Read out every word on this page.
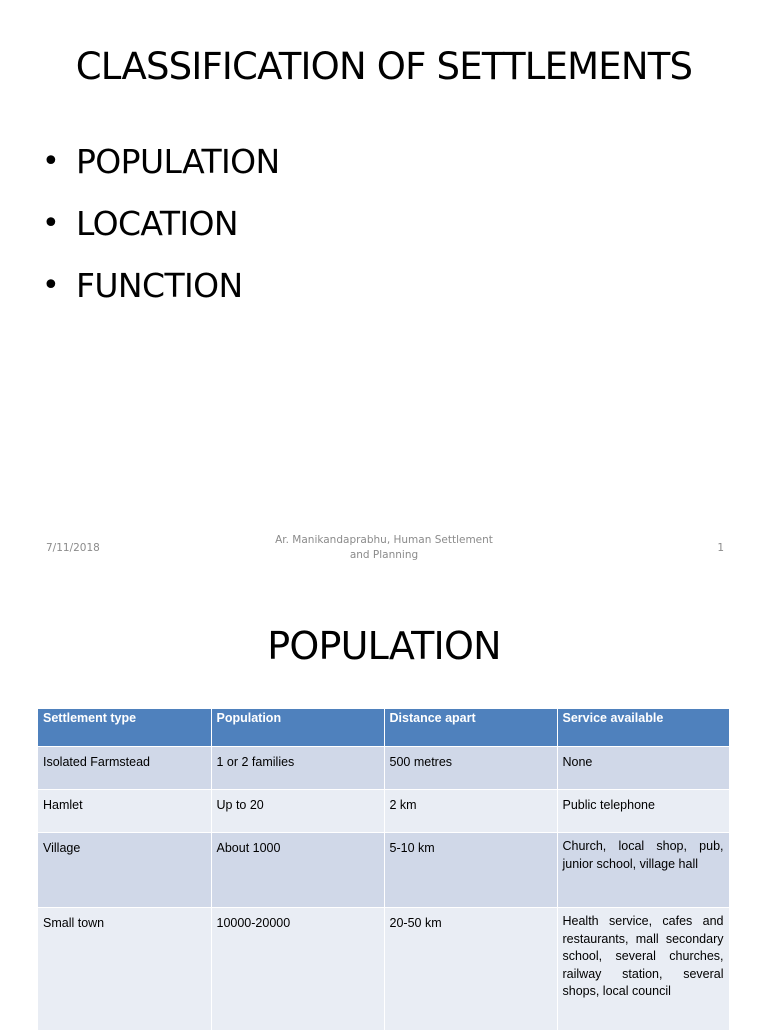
CLASSIFICATION OF SETTLEMENTS
• POPULATION
• LOCATION
• FUNCTION
7/11/2018
Ar. Manikandaprabhu, Human Settlement
and Planning
1
POPULATION
Settlement type	Population	Distance apart	Service available
Isolated Farmstead	1 or 2 families	500 metres	None
Hamlet	Up to 20	2 km	Public telephone
Village	About 1000	5-10 km	Church, local shop, pub, junior school, village hall
Small town	10000-20000	20-50 km	Health service, cafes and restaurants, mall secondary school, several churches, railway station, several shops, local council
